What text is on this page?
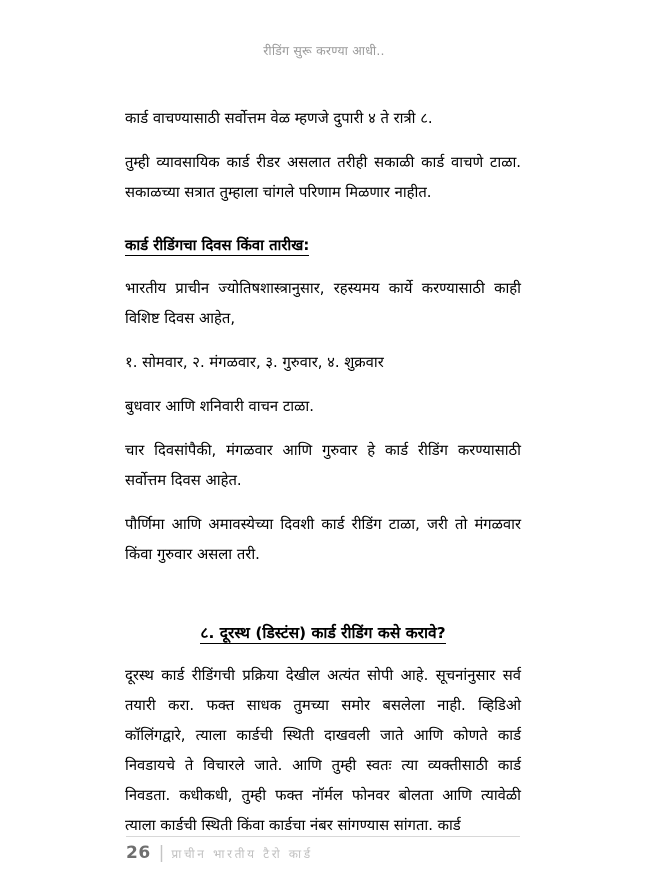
रीडिंग सुरू करण्या आधी..

कार्ड वाचण्यासाठी सर्वोत्तम वेळ म्हणजे दुपारी ४ ते रात्री ८.

तुम्ही व्यावसायिक कार्ड रीडर असलात तरीही सकाळी कार्ड वाचणे टाळा. सकाळच्या सत्रात तुम्हाला चांगले परिणाम मिळणार नाहीत.

कार्ड रीडिंगचा दिवस किंवा तारीख:

भारतीय प्राचीन ज्योतिषशास्त्रानुसार, रहस्यमय कार्ये करण्यासाठी काही विशिष्ट दिवस आहेत,

१. सोमवार, २. मंगळवार, ३. गुरुवार, ४. शुक्रवार

बुधवार आणि शनिवारी वाचन टाळा.

चार दिवसांपैकी, मंगळवार आणि गुरुवार हे कार्ड रीडिंग करण्यासाठी सर्वोत्तम दिवस आहेत.

पौर्णिमा आणि अमावस्येच्या दिवशी कार्ड रीडिंग टाळा, जरी तो मंगळवार किंवा गुरुवार असला तरी.

८. दूरस्थ (डिस्टंस) कार्ड रीडिंग कसे करावे?

दूरस्थ कार्ड रीडिंगची प्रक्रिया देखील अत्यंत सोपी आहे. सूचनांनुसार सर्व तयारी करा. फक्त साधक तुमच्या समोर बसलेला नाही. व्हिडिओ कॉलिंगद्वारे, त्याला कार्डची स्थिती दाखवली जाते आणि कोणते कार्ड निवडायचे ते विचारले जाते. आणि तुम्ही स्वतः त्या व्यक्तीसाठी कार्ड निवडता. कधीकधी, तुम्ही फक्त नॉर्मल फोनवर बोलता आणि त्यावेळी त्याला कार्डची स्थिती किंवा कार्डचा नंबर सांगण्यास सांगता. कार्ड

26 | प्राचीन भारतीय टैरो कार्ड
